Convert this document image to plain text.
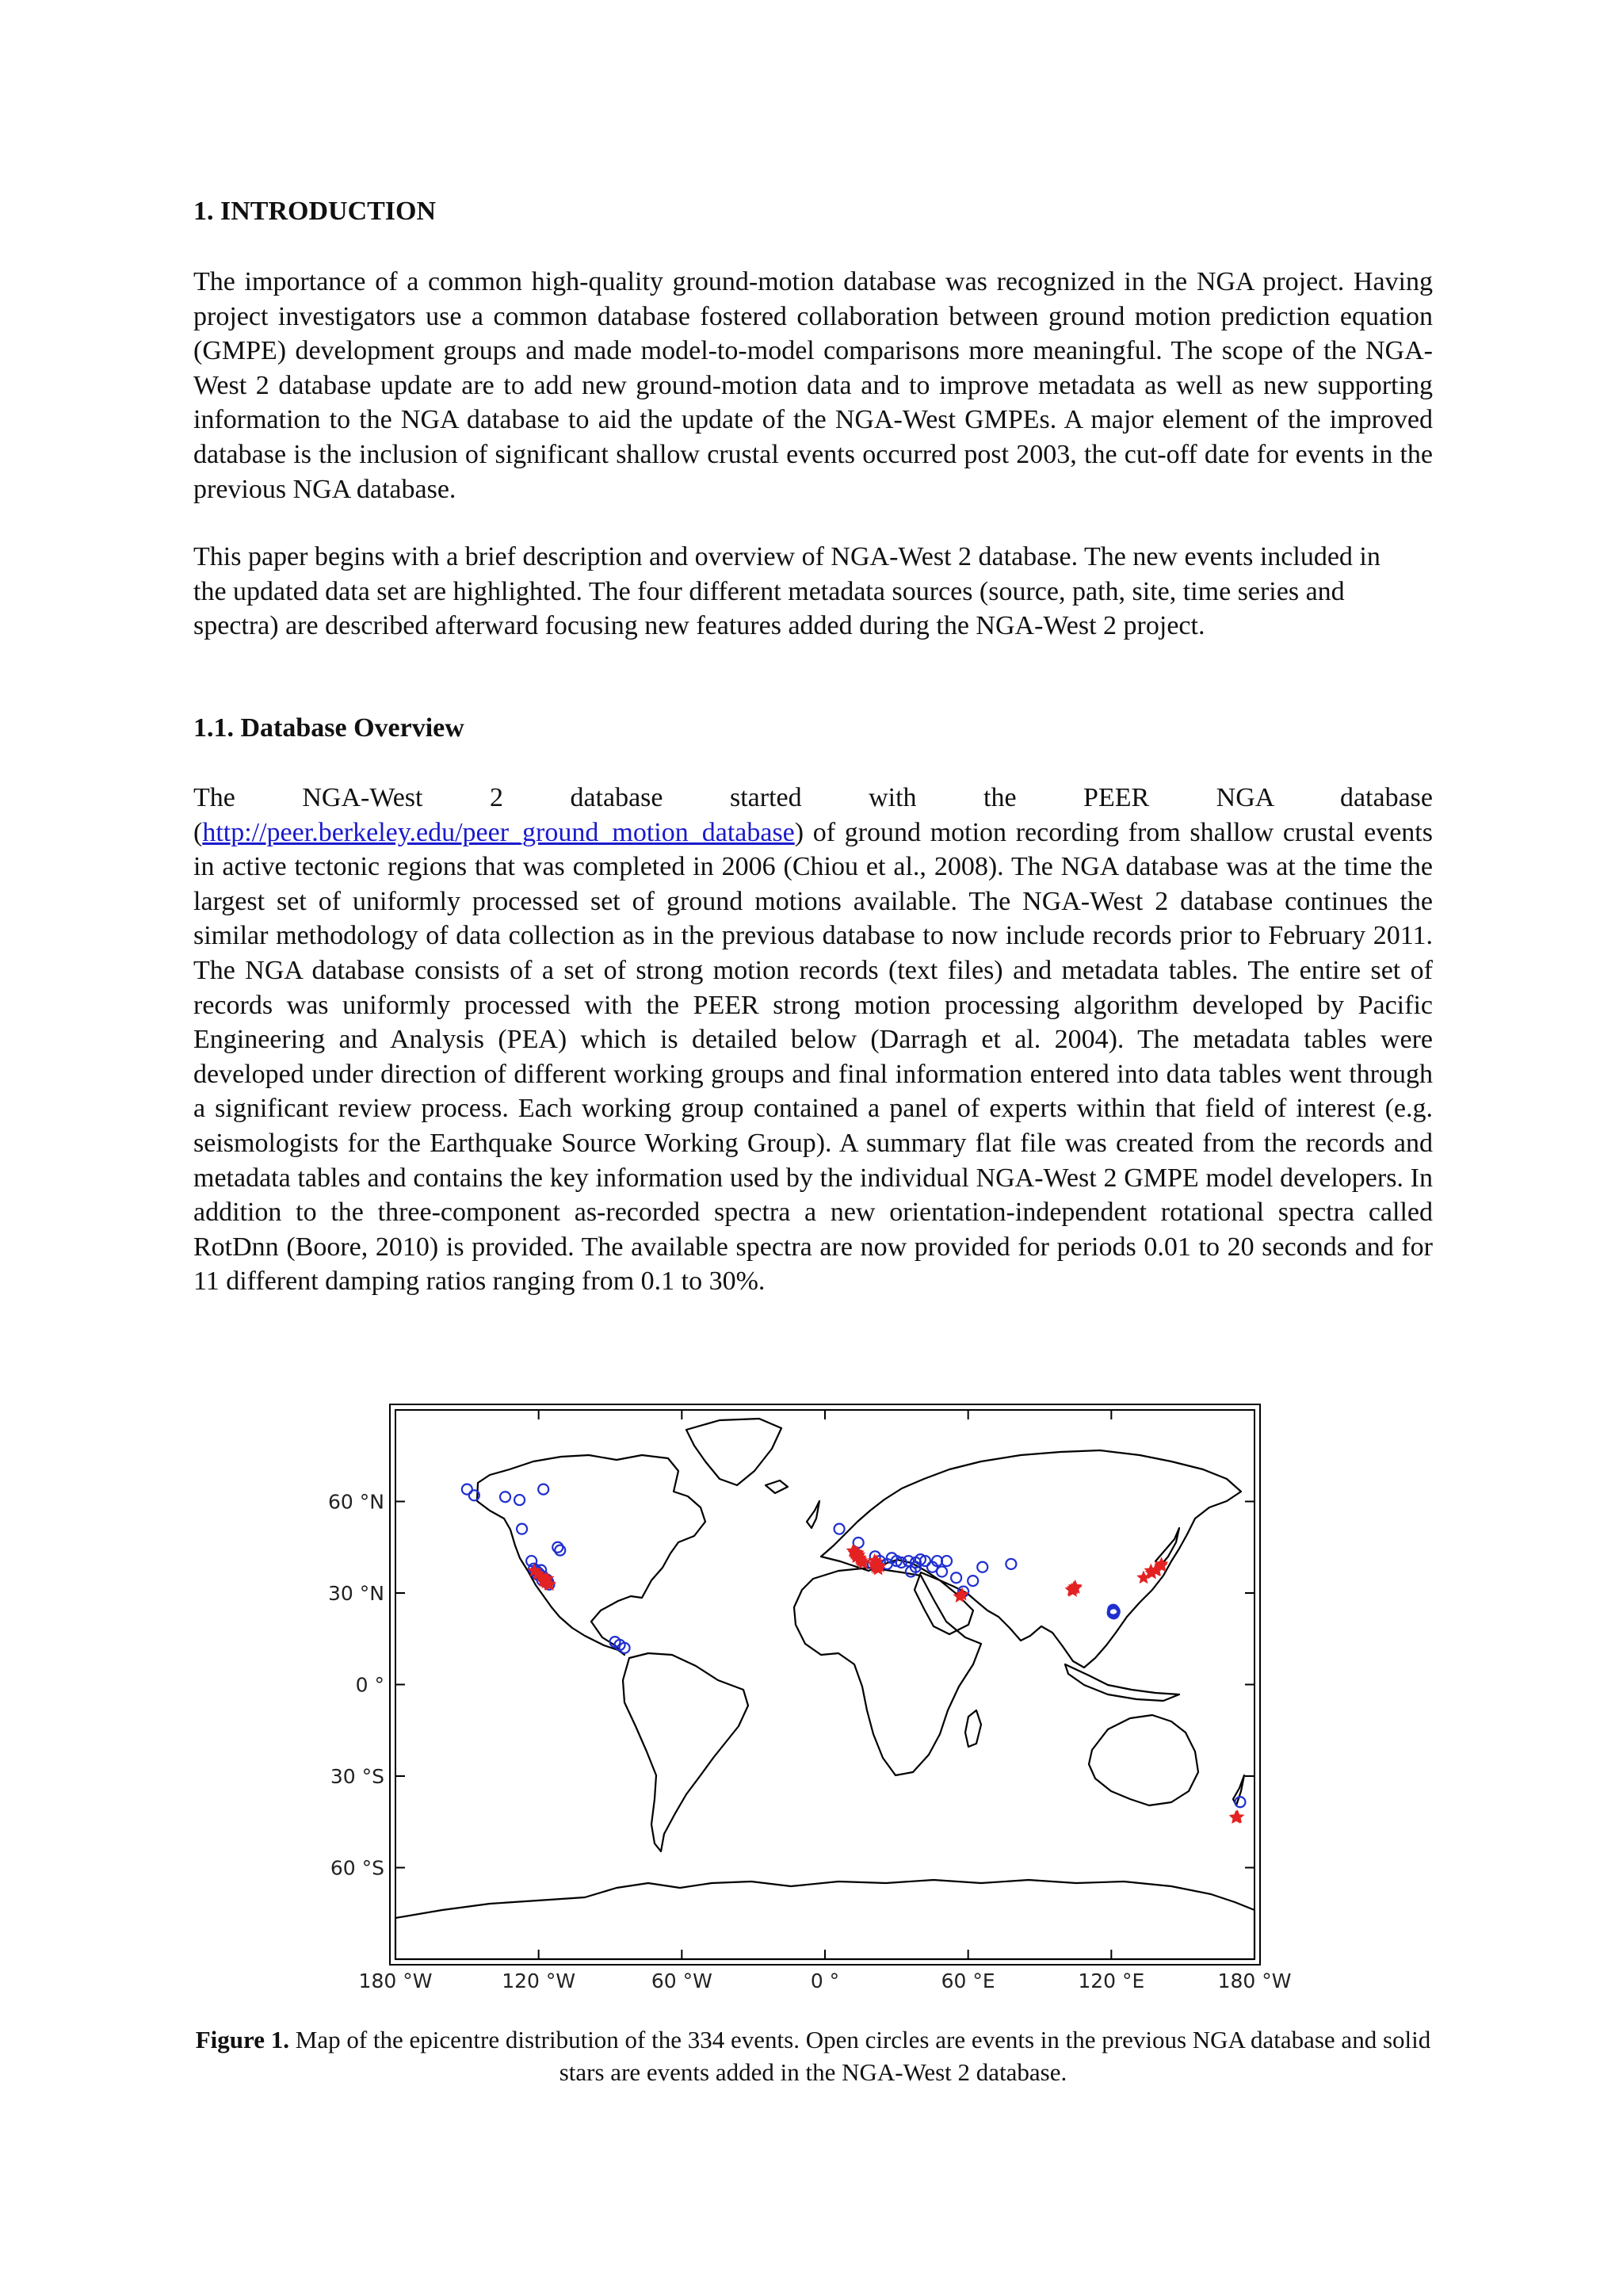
1. INTRODUCTION

The importance of a common high-quality ground-motion database was recognized in the NGA project. Having project investigators use a common database fostered collaboration between ground motion prediction equation (GMPE) development groups and made model-to-model comparisons more meaningful. The scope of the NGA-West 2 database update are to add new ground-motion data and to improve metadata as well as new supporting information to the NGA database to aid the update of the NGA-West GMPEs. A major element of the improved database is the inclusion of significant shallow crustal events occurred post 2003, the cut-off date for events in the previous NGA database.

This paper begins with a brief description and overview of NGA-West 2 database. The new events included in the updated data set are highlighted. The four different metadata sources (source, path, site, time series and spectra) are described afterward focusing new features added during the NGA-West 2 project.

1.1. Database Overview

The NGA-West 2 database started with the PEER NGA database (http://peer.berkeley.edu/peer_ground_motion_database) of ground motion recording from shallow crustal events in active tectonic regions that was completed in 2006 (Chiou et al., 2008). The NGA database was at the time the largest set of uniformly processed set of ground motions available. The NGA-West 2 database continues the similar methodology of data collection as in the previous database to now include records prior to February 2011. The NGA database consists of a set of strong motion records (text files) and metadata tables. The entire set of records was uniformly processed with the PEER strong motion processing algorithm developed by Pacific Engineering and Analysis (PEA) which is detailed below (Darragh et al. 2004). The metadata tables were developed under direction of different working groups and final information entered into data tables went through a significant review process. Each working group contained a panel of experts within that field of interest (e.g. seismologists for the Earthquake Source Working Group). A summary flat file was created from the records and metadata tables and contains the key information used by the individual NGA-West 2 GMPE model developers. In addition to the three-component as-recorded spectra a new orientation-independent rotational spectra called RotDnn (Boore, 2010) is provided. The available spectra are now provided for periods 0.01 to 20 seconds and for 11 different damping ratios ranging from 0.1 to 30%.

180 °W	120 °W	60 °W	0 °	60 °E	120 °E	180 °W
60 °N
30 °N
0 °
30 °S
60 °S

Figure 1. Map of the epicentre distribution of the 334 events. Open circles are events in the previous NGA database and solid stars are events added in the NGA-West 2 database.
